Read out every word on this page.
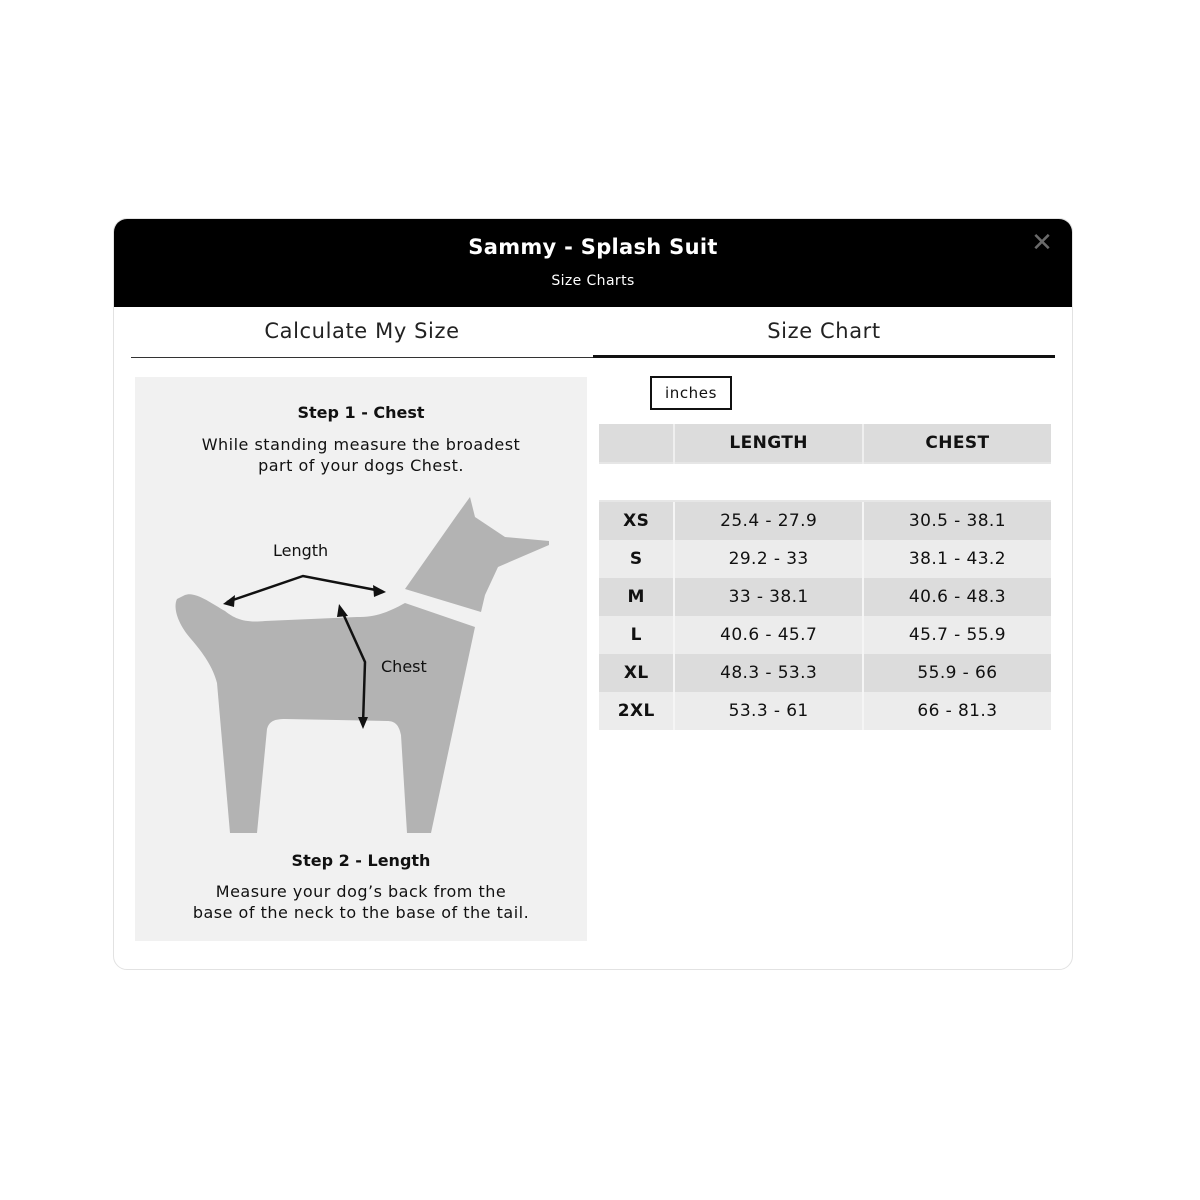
Sammy - Splash Suit
Size Charts
✕
Calculate My Size	Size Chart
Step 1 - Chest
While standing measure the broadest
part of your dogs Chest.
Length
Chest
Step 2 - Length
Measure your dog’s back from the
base of the neck to the base of the tail.
inches
	LENGTH	CHEST

XS	25.4 - 27.9	30.5 - 38.1
S	29.2 - 33	38.1 - 43.2
M	33 - 38.1	40.6 - 48.3
L	40.6 - 45.7	45.7 - 55.9
XL	48.3 - 53.3	55.9 - 66
2XL	53.3 - 61	66 - 81.3
